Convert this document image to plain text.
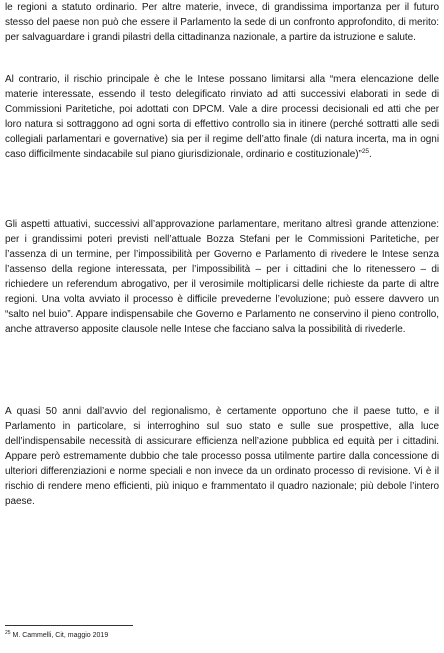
le regioni a statuto ordinario. Per altre materie, invece, di grandissima importanza per il futuro stesso del paese non può che essere il Parlamento la sede di un confronto approfondito, di merito: per salvaguardare i grandi pilastri della cittadinanza nazionale, a partire da istruzione e salute.

Al contrario, il rischio principale è che le Intese possano limitarsi alla “mera elencazione delle materie interessate, essendo il testo delegificato rinviato ad atti successivi elaborati in sede di Commissioni Paritetiche, poi adottati con DPCM. Vale a dire processi decisionali ed atti che per loro natura si sottraggono ad ogni sorta di effettivo controllo sia in itinere (perché sottratti alle sedi collegiali parlamentari e governative) sia per il regime dell’atto finale (di natura incerta, ma in ogni caso difficilmente sindacabile sul piano giurisdizionale, ordinario e costituzionale)”$^{25}$.

Gli aspetti attuativi, successivi all’approvazione parlamentare, meritano altresì grande attenzione: per i grandissimi poteri previsti nell’attuale Bozza Stefani per le Commissioni Paritetiche, per l’assenza di un termine, per l’impossibilità per Governo e Parlamento di rivedere le Intese senza l’assenso della regione interessata, per l’impossibilità – per i cittadini che lo ritenessero – di richiedere un referendum abrogativo, per il verosimile moltiplicarsi delle richieste da parte di altre regioni. Una volta avviato il processo è difficile prevederne l’evoluzione; può essere davvero un “salto nel buio”. Appare indispensabile che Governo e Parlamento ne conservino il pieno controllo, anche attraverso apposite clausole nelle Intese che facciano salva la possibilità di rivederle.

A quasi 50 anni dall’avvio del regionalismo, è certamente opportuno che il paese tutto, e il Parlamento in particolare, si interroghino sul suo stato e sulle sue prospettive, alla luce dell’indispensabile necessità di assicurare efficienza nell’azione pubblica ed equità per i cittadini. Appare però estremamente dubbio che tale processo possa utilmente partire dalla concessione di ulteriori differenziazioni e norme speciali e non invece da un ordinato processo di revisione. Vi è il rischio di rendere meno efficienti, più iniquo e frammentato il quadro nazionale; più debole l’intero paese.

$^{25}$ M. Cammelli, Cit, maggio 2019
